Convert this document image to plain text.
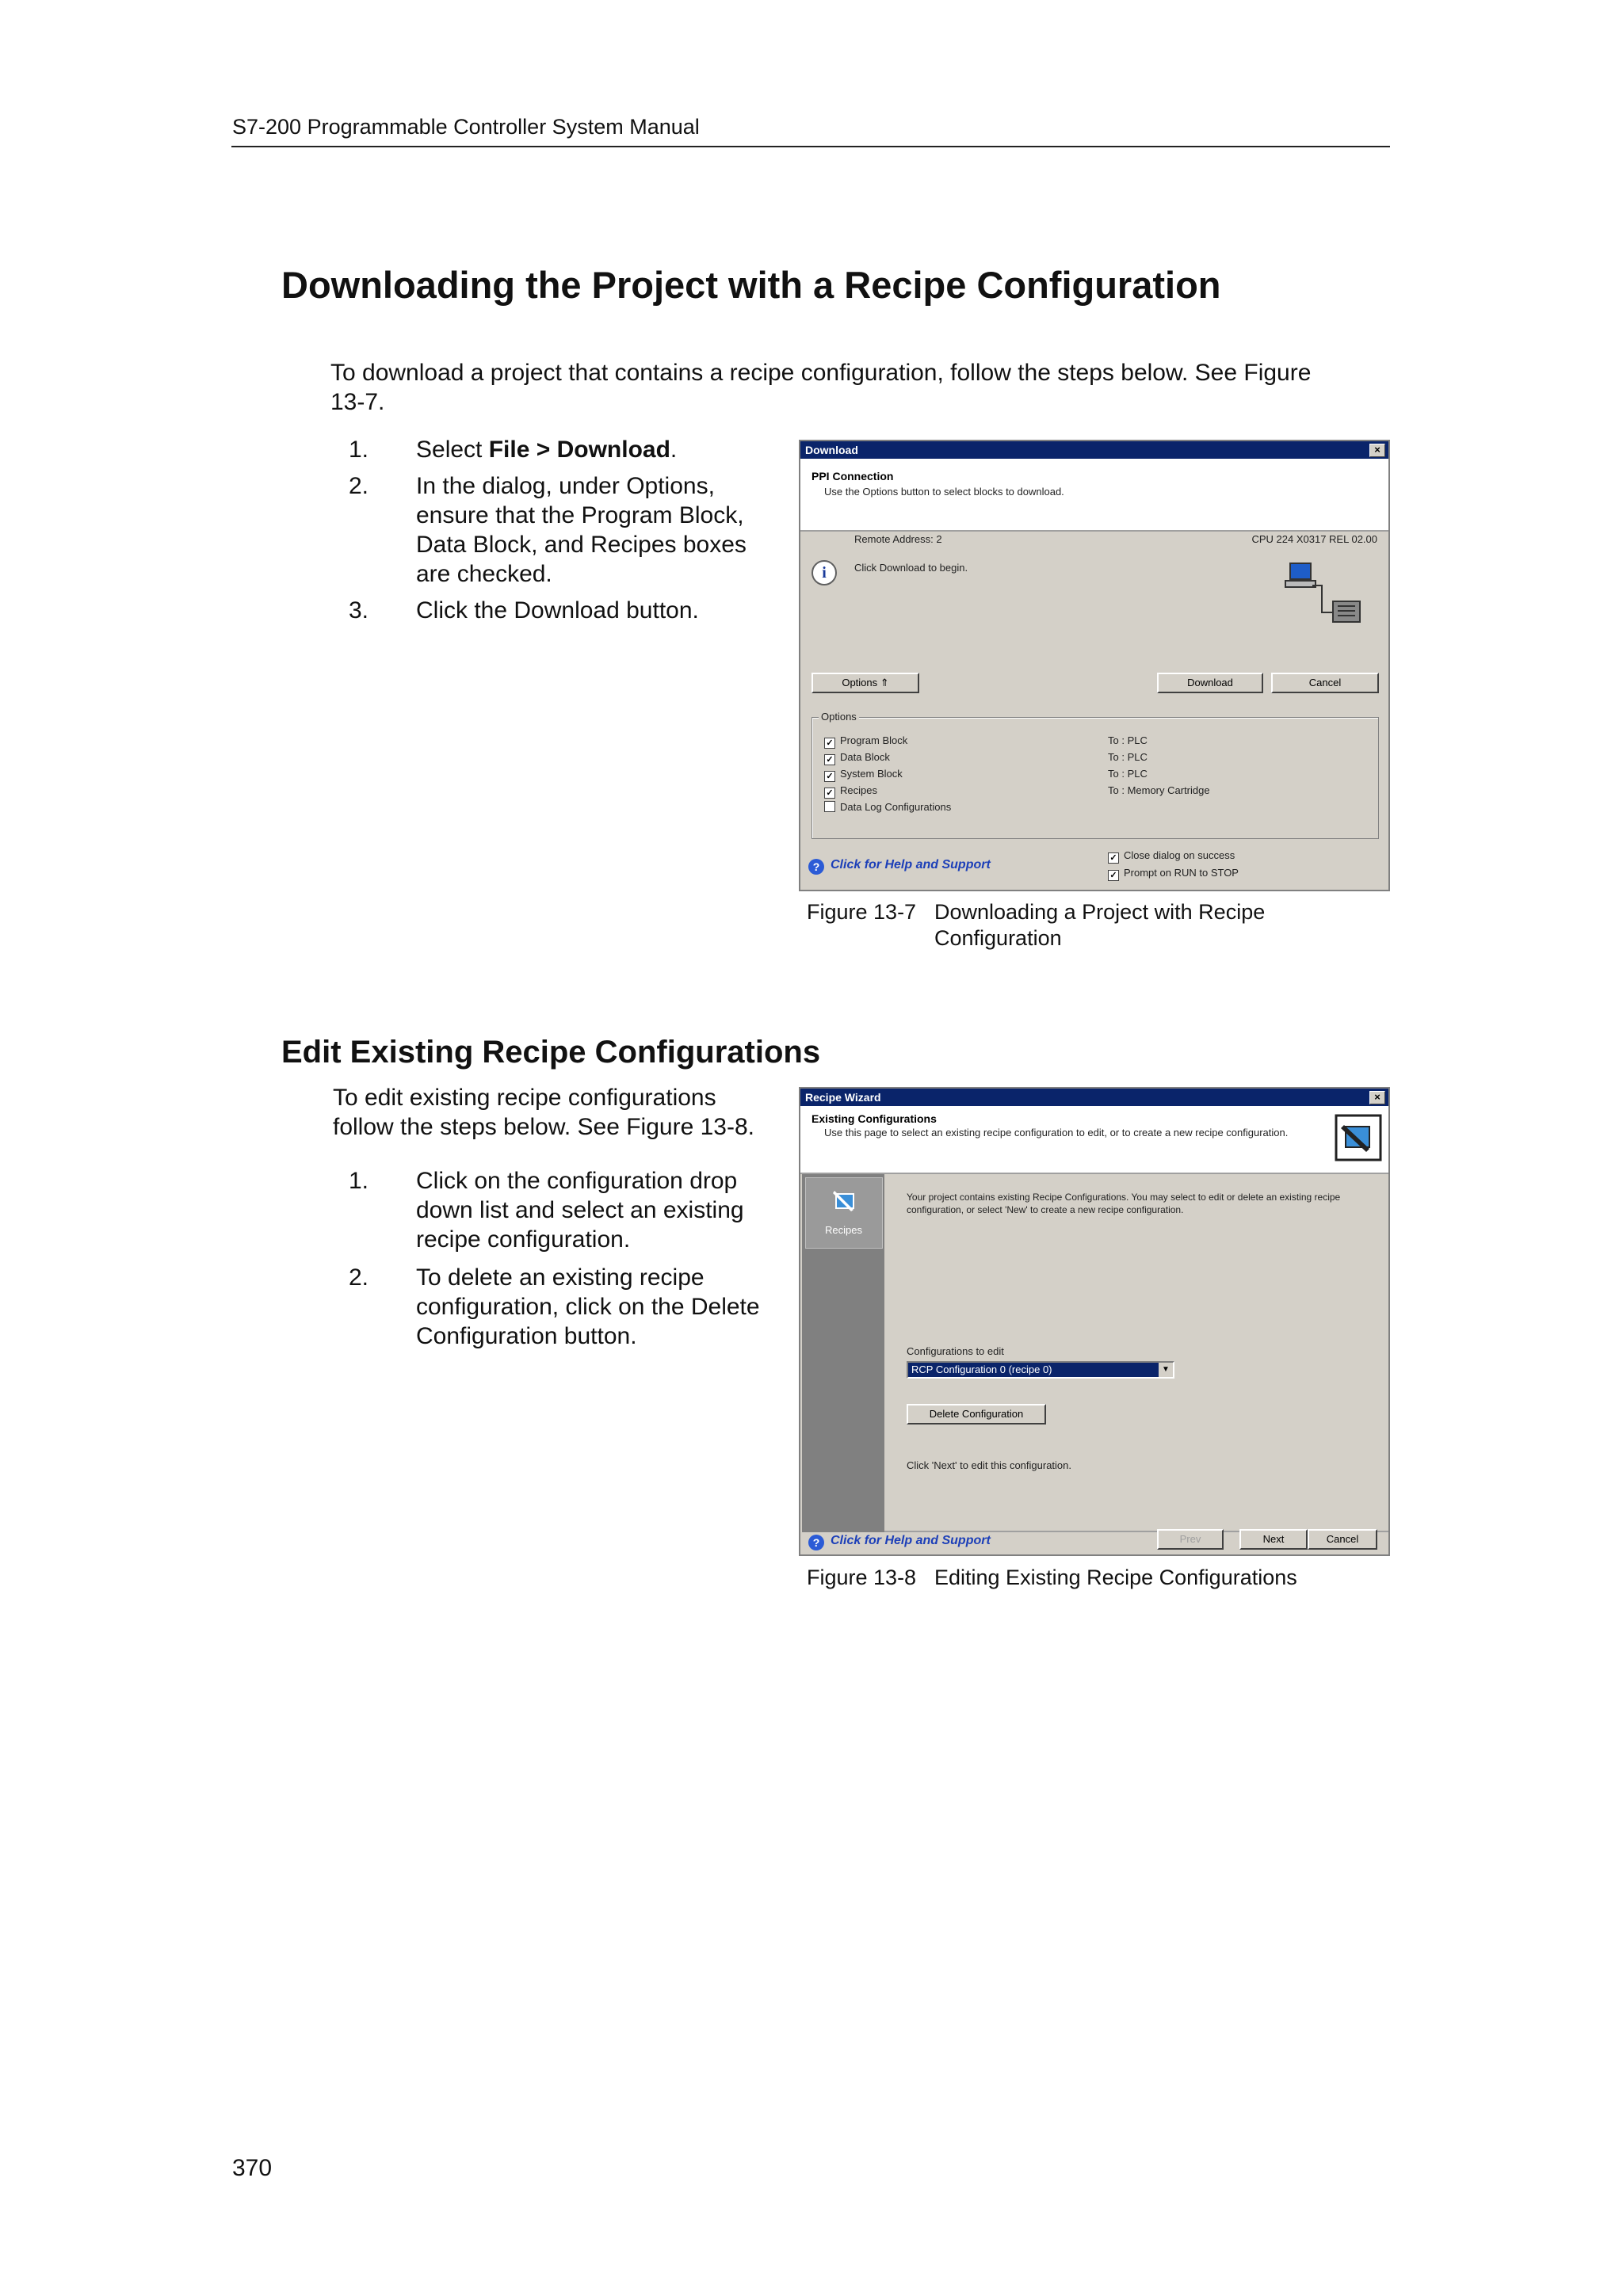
S7-200 Programmable Controller System Manual
Downloading the Project with a Recipe Configuration
To download a project that contains a recipe configuration, follow the steps below. See Figure 13-7.
1. Select File > Download.
2. In the dialog, under Options, ensure that the Program Block, Data Block, and Recipes boxes are checked.
3. Click the Download button.
Download	×
PPI Connection
Use the Options button to select blocks to download.
Remote Address: 2	CPU 224 X0317 REL 02.00
i	Click Download to begin.
Options ⇑	Download	Cancel
Options
✓ Program Block
✓ Data Block
✓ System Block
✓ Recipes
Data Log Configurations
To : PLC
To : PLC
To : PLC
To : Memory Cartridge
? Click for Help and Support	✓ Close dialog on success
✓ Prompt on RUN to STOP
Figure 13-7 Downloading a Project with Recipe
Configuration
Edit Existing Recipe Configurations
To edit existing recipe configurations follow the steps below. See Figure 13-8.
1. Click on the configuration drop down list and select an existing recipe configuration.
2. To delete an existing recipe configuration, click on the Delete Configuration button.
Recipe Wizard	×
Existing Configurations
Use this page to select an existing recipe configuration to edit, or to create a new recipe configuration.
Recipes
Your project contains existing Recipe Configurations. You may select to edit or delete an existing recipe
configuration, or select 'New' to create a new recipe configuration.
Configurations to edit
RCP Configuration 0 (recipe 0)	▼
Delete Configuration
Click 'Next' to edit this configuration.
? Click for Help and Support	Prev	Next	Cancel
Figure 13-8 Editing Existing Recipe Configurations
370
